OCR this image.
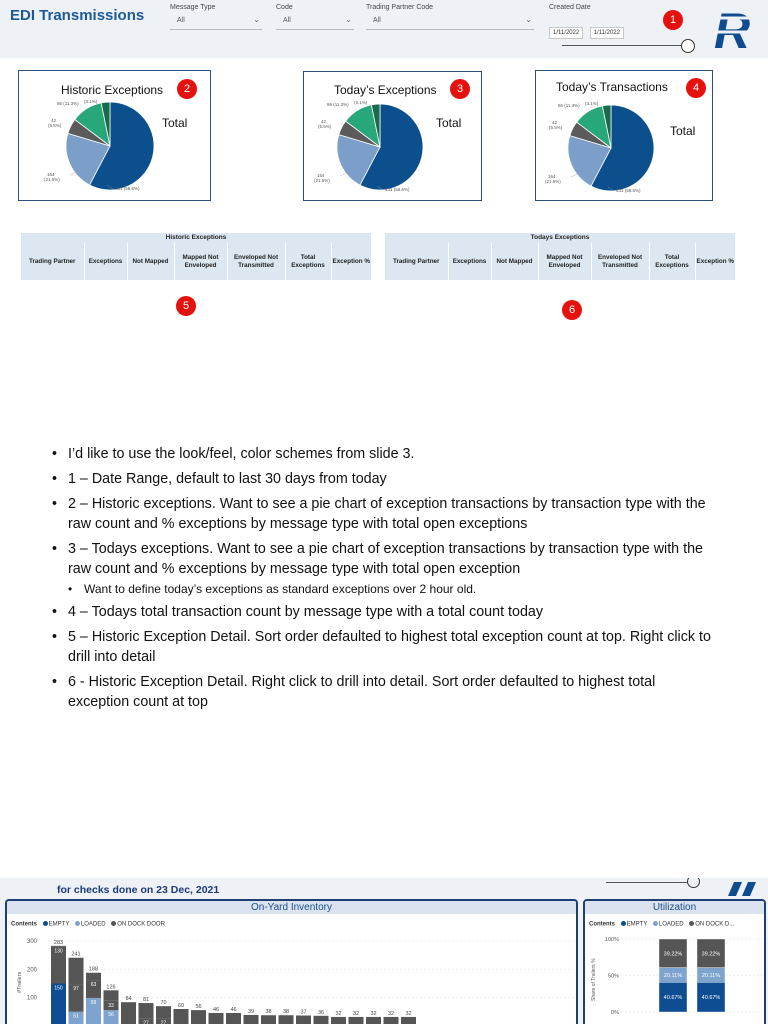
EDI Transmissions	Message Type
All	⌄
Code
All	⌄
Trading Partner Code
All	⌄
Created Date
1/11/2022 1/11/2022	R
1
Historic Exceptions
Total
86 (11.3%) (3.1%)
42
(5.5%)
164
(21.5%)
431 (56.6%)
2	Today’s Exceptions
Total
86 (11.3%) (3.1%)
42
(5.5%)
164
(21.5%)
431 (56.6%)
3	Today’s Transactions
Total
86 (11.3%) (3.1%)
42
(5.5%)
164
(21.5%)
431 (56.6%)
4
Historic Exceptions
Trading Partner	Exceptions	Not Mapped	Mapped Not Enveloped	Enveloped Not Transmitted	Total Exceptions	Exception %
5
Todays Exceptions
Trading Partner	Exceptions	Not Mapped	Mapped Not Enveloped	Enveloped Not Transmitted	Total Exceptions	Exception %
6
• I’d like to use the look/feel, color schemes from slide 3.
• 1 – Date Range, default to last 30 days from today
• 2 – Historic exceptions. Want to see a pie chart of exception transactions by transaction type with the raw count and % exceptions by message type with total open exceptions
• 3 – Todays exceptions. Want to see a pie chart of exception transactions by transaction type with the raw count and % exceptions by message type with total open exception
• Want to define today’s exceptions as standard exceptions over 2 hour old.
• 4 – Todays total transaction count by message type with a total count today
• 5 – Historic Exception Detail. Sort order defaulted to highest total exception count at top. Right click to drill into detail
• 6 - Historic Exception Detail. Right click to drill into detail. Sort order defaulted to highest total exception count at top
for checks done on 23 Dec, 2021
On-Yard Inventory
Contents EMPTY LOADED ON DOCK DOOR
#Trailers
100
200
300
150
130
283
51
97
241
99
63
188
56
33
126
84
27
81
27
70 60 56 46 46 39 38 38 37 36 32 32 32 32 32
Utilization
Contents EMPTY LOADED ON DOCK D...
Share of Trailers %
0%
50%
100%
40.67%
20.11%
39.22%
40.67%
20.11%
39.22%
